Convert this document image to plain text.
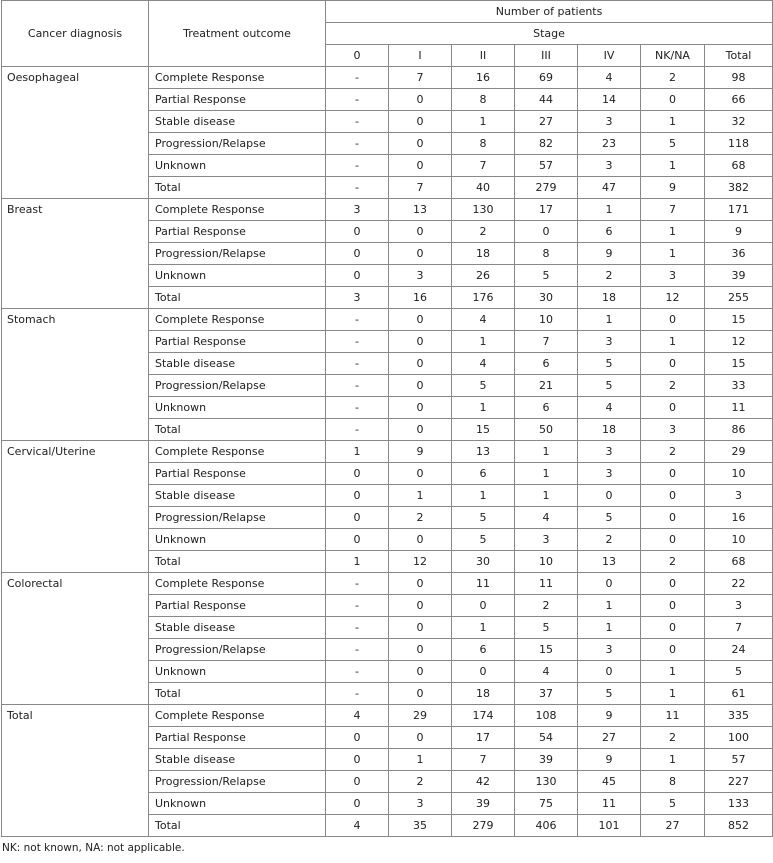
Cancer diagnosis	Treatment outcome	Number of patients						
		Stage						
		0	I	II	III	IV	NK/NA	Total
Oesophageal	Complete Response	-	7	16	69	4	2	98
	Partial Response	-	0	8	44	14	0	66
	Stable disease	-	0	1	27	3	1	32
	Progression/Relapse	-	0	8	82	23	5	118
	Unknown	-	0	7	57	3	1	68
	Total	-	7	40	279	47	9	382
Breast	Complete Response	3	13	130	17	1	7	171
	Partial Response	0	0	2	0	6	1	9
	Progression/Relapse	0	0	18	8	9	1	36
	Unknown	0	3	26	5	2	3	39
	Total	3	16	176	30	18	12	255
Stomach	Complete Response	-	0	4	10	1	0	15
	Partial Response	-	0	1	7	3	1	12
	Stable disease	-	0	4	6	5	0	15
	Progression/Relapse	-	0	5	21	5	2	33
	Unknown	-	0	1	6	4	0	11
	Total	-	0	15	50	18	3	86
Cervical/Uterine	Complete Response	1	9	13	1	3	2	29
	Partial Response	0	0	6	1	3	0	10
	Stable disease	0	1	1	1	0	0	3
	Progression/Relapse	0	2	5	4	5	0	16
	Unknown	0	0	5	3	2	0	10
	Total	1	12	30	10	13	2	68
Colorectal	Complete Response	-	0	11	11	0	0	22
	Partial Response	-	0	0	2	1	0	3
	Stable disease	-	0	1	5	1	0	7
	Progression/Relapse	-	0	6	15	3	0	24
	Unknown	-	0	0	4	0	1	5
	Total	-	0	18	37	5	1	61
Total	Complete Response	4	29	174	108	9	11	335
	Partial Response	0	0	17	54	27	2	100
	Stable disease	0	1	7	39	9	1	57
	Progression/Relapse	0	2	42	130	45	8	227
	Unknown	0	3	39	75	11	5	133
	Total	4	35	279	406	101	27	852
NK: not known, NA: not applicable.
